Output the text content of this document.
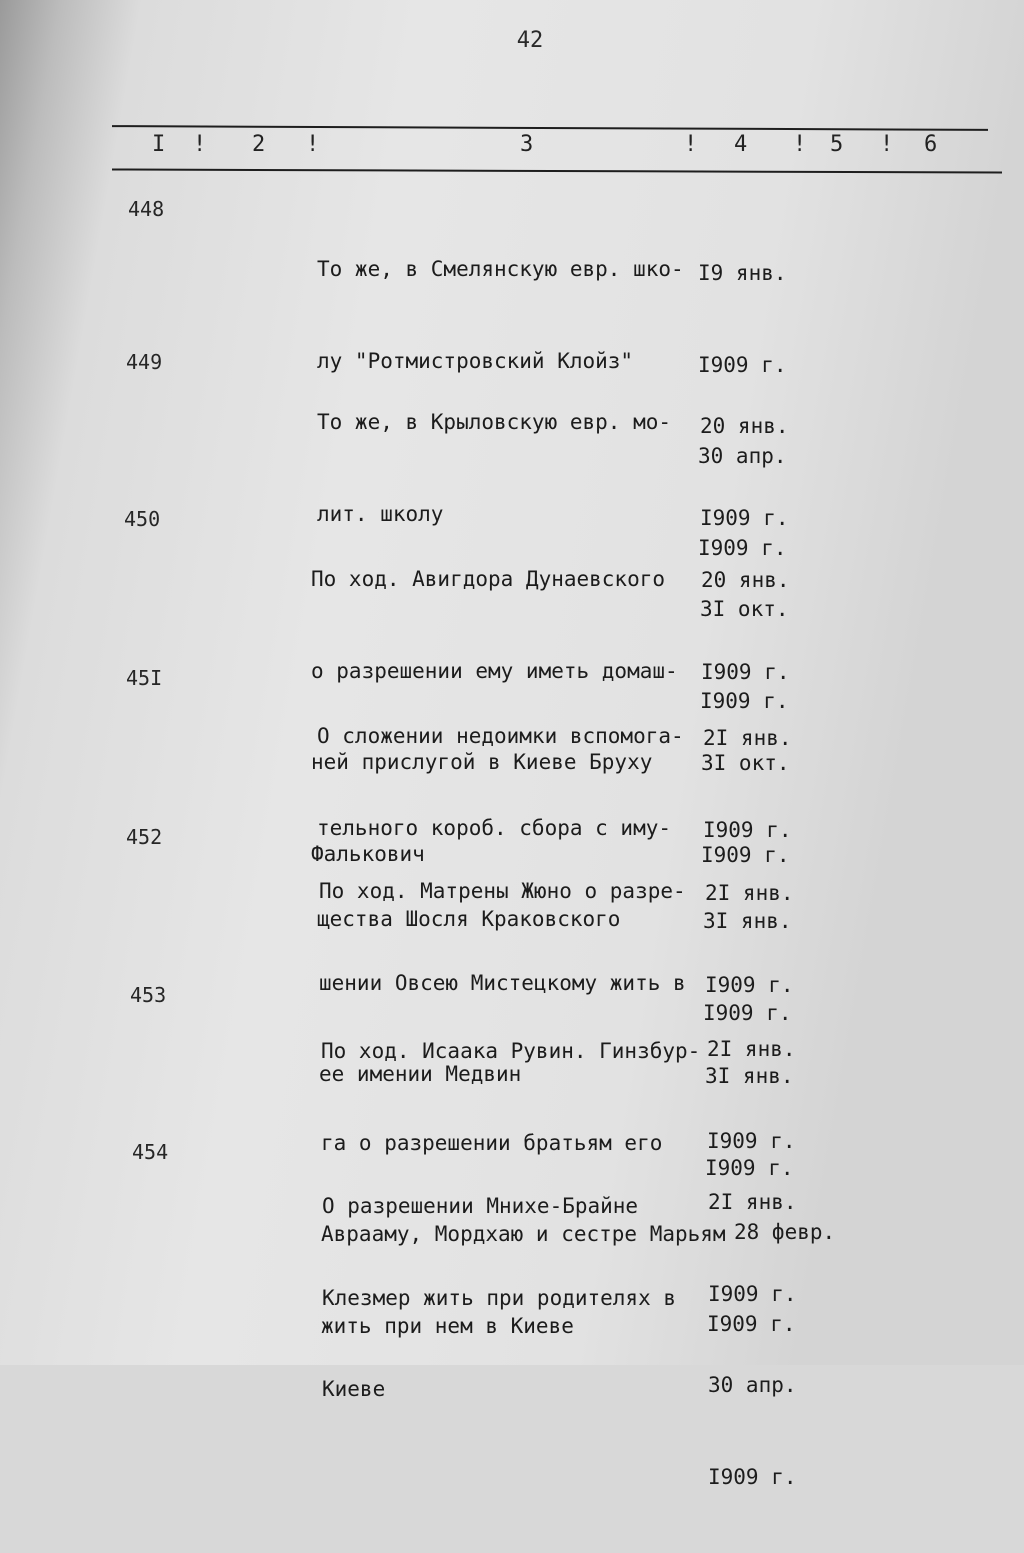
42
I ! 2 !	3	! 4 ! 5 ! 6
448

То же, в Смелянскую евр. шко-

лу "Ротмистровский Клойз"

I9 янв.

I909 г.

30 апр.

I909 г.

449

То же, в Крыловскую евр. мо-

лит. школу

20 янв.

I909 г.

3I окт.

I909 г.

450

По ход. Авигдора Дунаевского

о разрешении ему иметь домаш-

ней прислугой в Киеве Бруху

Фалькович

20 янв.

I909 г.

3I окт.

I909 г.

45I

О сложении недоимки вспомога-

тельного короб. сбора с иму-

щества Шосля Краковского

2I янв.

I909 г.

3I янв.

I909 г.

452

По ход. Матрены Жюно о разре-

шении Овсею Мистецкому жить в

ее имении Медвин

2I янв.

I909 г.

3I янв.

I909 г.

453

По ход. Исаака Рувин. Гинзбур-

га о разрешении братьям его

Аврааму, Мордхаю и сестре Марьям

жить при нем в Киеве

2I янв.

I909 г.

28 февр.

I909 г.

454

О разрешении Мнихе-Брайне

Клезмер жить при родителях в

Киеве

2I янв.

I909 г.

30 апр.

I909 г.
